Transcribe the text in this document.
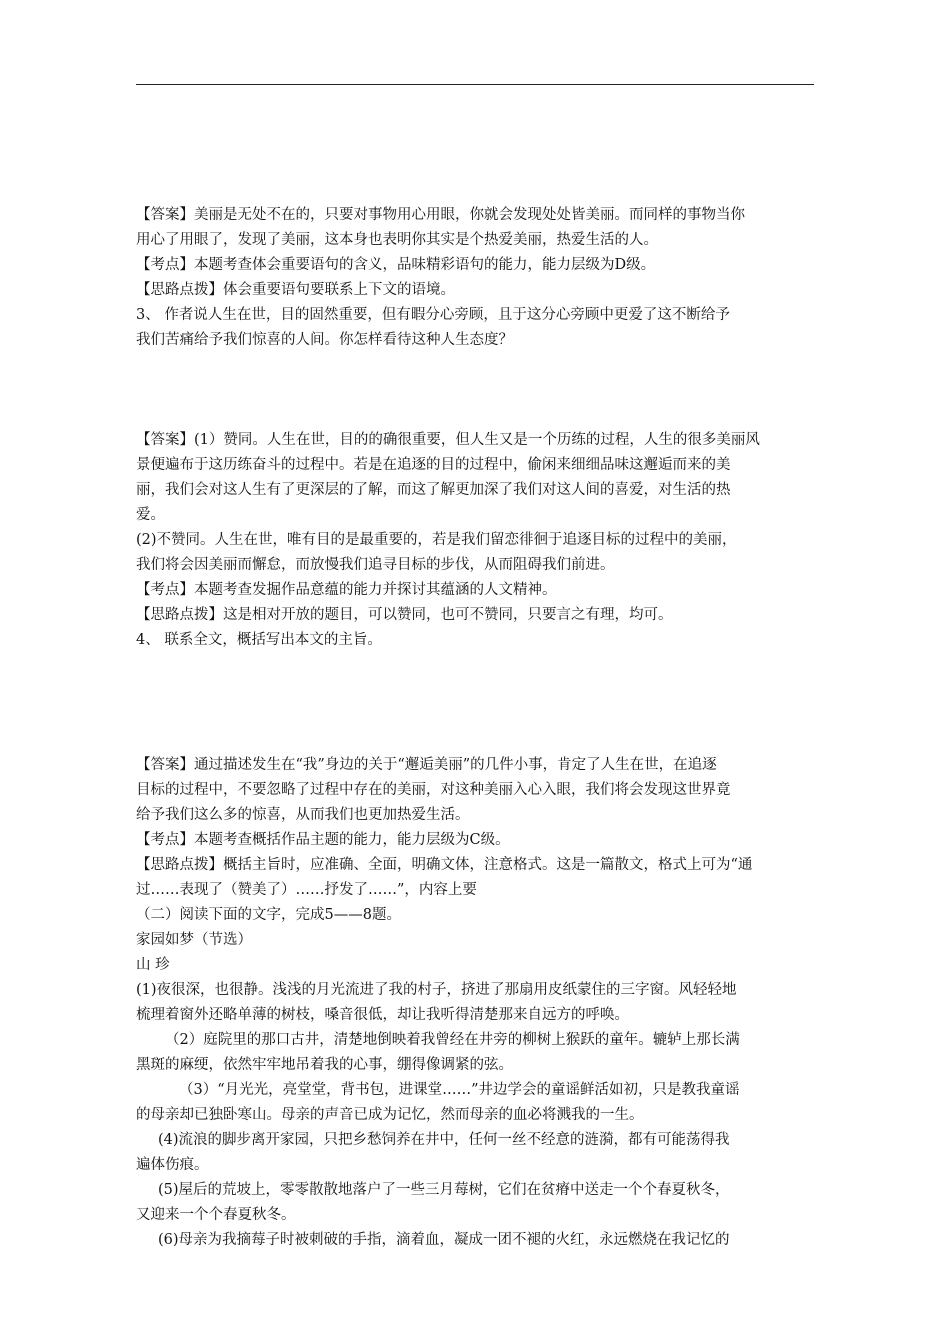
【答案】美丽是无处不在的，只要对事物用心用眼，你就会发现处处皆美丽。而同样的事物当你
用心了用眼了，发现了美丽，这本身也表明你其实是个热爱美丽，热爱生活的人。
【考点】本题考查体会重要语句的含义，品味精彩语句的能力，能力层级为D级。
【思路点拨】体会重要语句要联系上下文的语境。
3、 作者说人生在世，目的固然重要，但有暇分心旁顾，且于这分心旁顾中更爱了这不断给予
我们苦痛给予我们惊喜的人间。你怎样看待这种人生态度？
【答案】(1）赞同。人生在世，目的的确很重要，但人生又是一个历练的过程，人生的很多美丽风
景便遍布于这历练奋斗的过程中。若是在追逐的目的过程中，偷闲来细细品味这邂逅而来的美
丽，我们会对这人生有了更深层的了解，而这了解更加深了我们对这人间的喜爱，对生活的热
爱。
(2)不赞同。人生在世，唯有目的是最重要的，若是我们留恋徘徊于追逐目标的过程中的美丽，
我们将会因美丽而懈怠，而放慢我们追寻目标的步伐，从而阻碍我们前进。
【考点】本题考查发掘作品意蕴的能力并探讨其蕴涵的人文精神。
【思路点拨】这是相对开放的题目，可以赞同，也可不赞同，只要言之有理，均可。
4、 联系全文，概括写出本文的主旨。
【答案】通过描述发生在“我”身边的关于“邂逅美丽”的几件小事，肯定了人生在世，在追逐
目标的过程中，不要忽略了过程中存在的美丽，对这种美丽入心入眼，我们将会发现这世界竟
给予我们这么多的惊喜，从而我们也更加热爱生活。
【考点】本题考查概括作品主题的能力，能力层级为C级。
【思路点拨】概括主旨时，应准确、全面，明确文体，注意格式。这是一篇散文，格式上可为“通
过……表现了（赞美了）……抒发了……”，内容上要
（二）阅读下面的文字，完成5——8题。
家园如梦（节选）
山 珍
(1)夜很深，也很静。浅浅的月光流进了我的村子，挤进了那扇用皮纸蒙住的三字窗。风轻轻地
梳理着窗外还略单薄的树枝，嗓音很低，却让我听得清楚那来自远方的呼唤。
（2）庭院里的那口古井，清楚地倒映着我曾经在井旁的柳树上猴跃的童年。辘轳上那长满
黑斑的麻绠，依然牢牢地吊着我的心事，绷得像调紧的弦。
（3）“月光光，亮堂堂，背书包，进课堂……”井边学会的童谣鲜活如初，只是教我童谣
的母亲却已独卧寒山。母亲的声音已成为记忆，然而母亲的血必将溅我的一生。
(4)流浪的脚步离开家园，只把乡愁饲养在井中，任何一丝不经意的涟漪，都有可能荡得我
遍体伤痕。
(5)屋后的荒坡上，零零散散地落户了一些三月莓树，它们在贫瘠中送走一个个春夏秋冬，
又迎来一个个春夏秋冬。
(6)母亲为我摘莓子时被刺破的手指，滴着血，凝成一团不褪的火红，永远燃烧在我记忆的
